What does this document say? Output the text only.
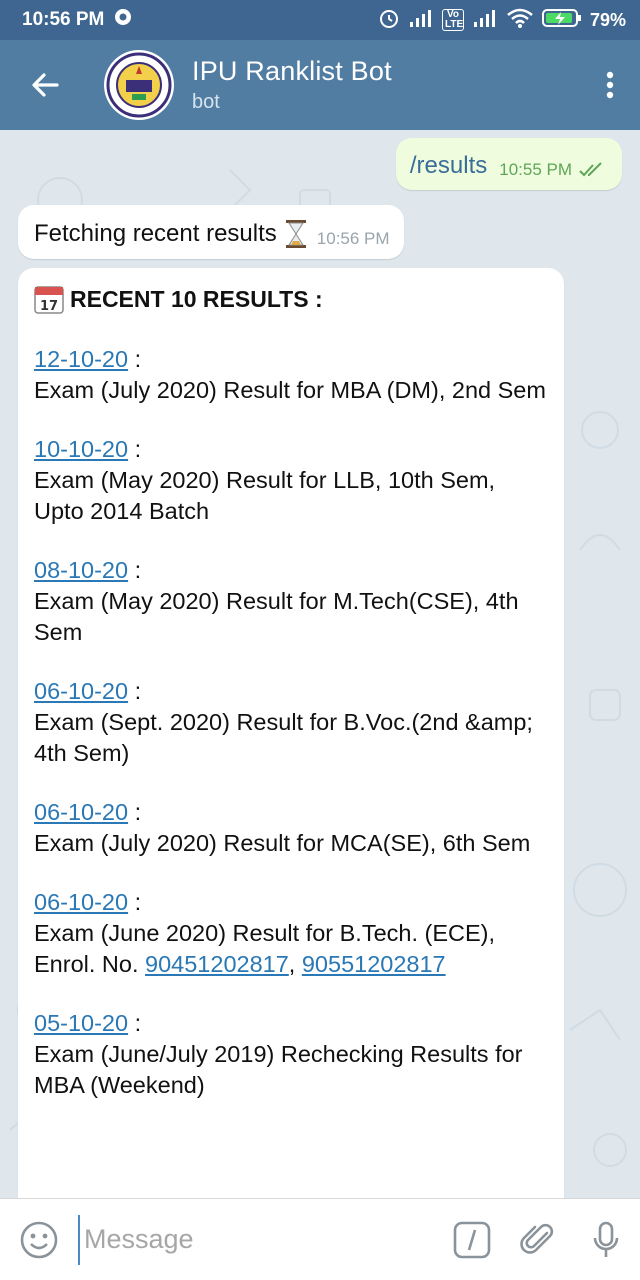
10:56 PM	Vo LTE	79%
IPU Ranklist Bot
bot
/results 10:55 PM
Fetching recent results 10:56 PM
17 RECENT 10 RESULTS :
12-10-20 :
Exam (July 2020) Result for MBA (DM), 2nd Sem
10-10-20 :
Exam (May 2020) Result for LLB, 10th Sem, Upto 2014 Batch
08-10-20 :
Exam (May 2020) Result for M.Tech(CSE), 4th Sem
06-10-20 :
Exam (Sept. 2020) Result for B.Voc.(2nd &amp; 4th Sem)
06-10-20 :
Exam (July 2020) Result for MCA(SE), 6th Sem
06-10-20 :
Exam (June 2020) Result for B.Tech. (ECE), Enrol. No. 90451202817, 90551202817
05-10-20 :
Exam (June/July 2019) Rechecking Results for MBA (Weekend)
Message
